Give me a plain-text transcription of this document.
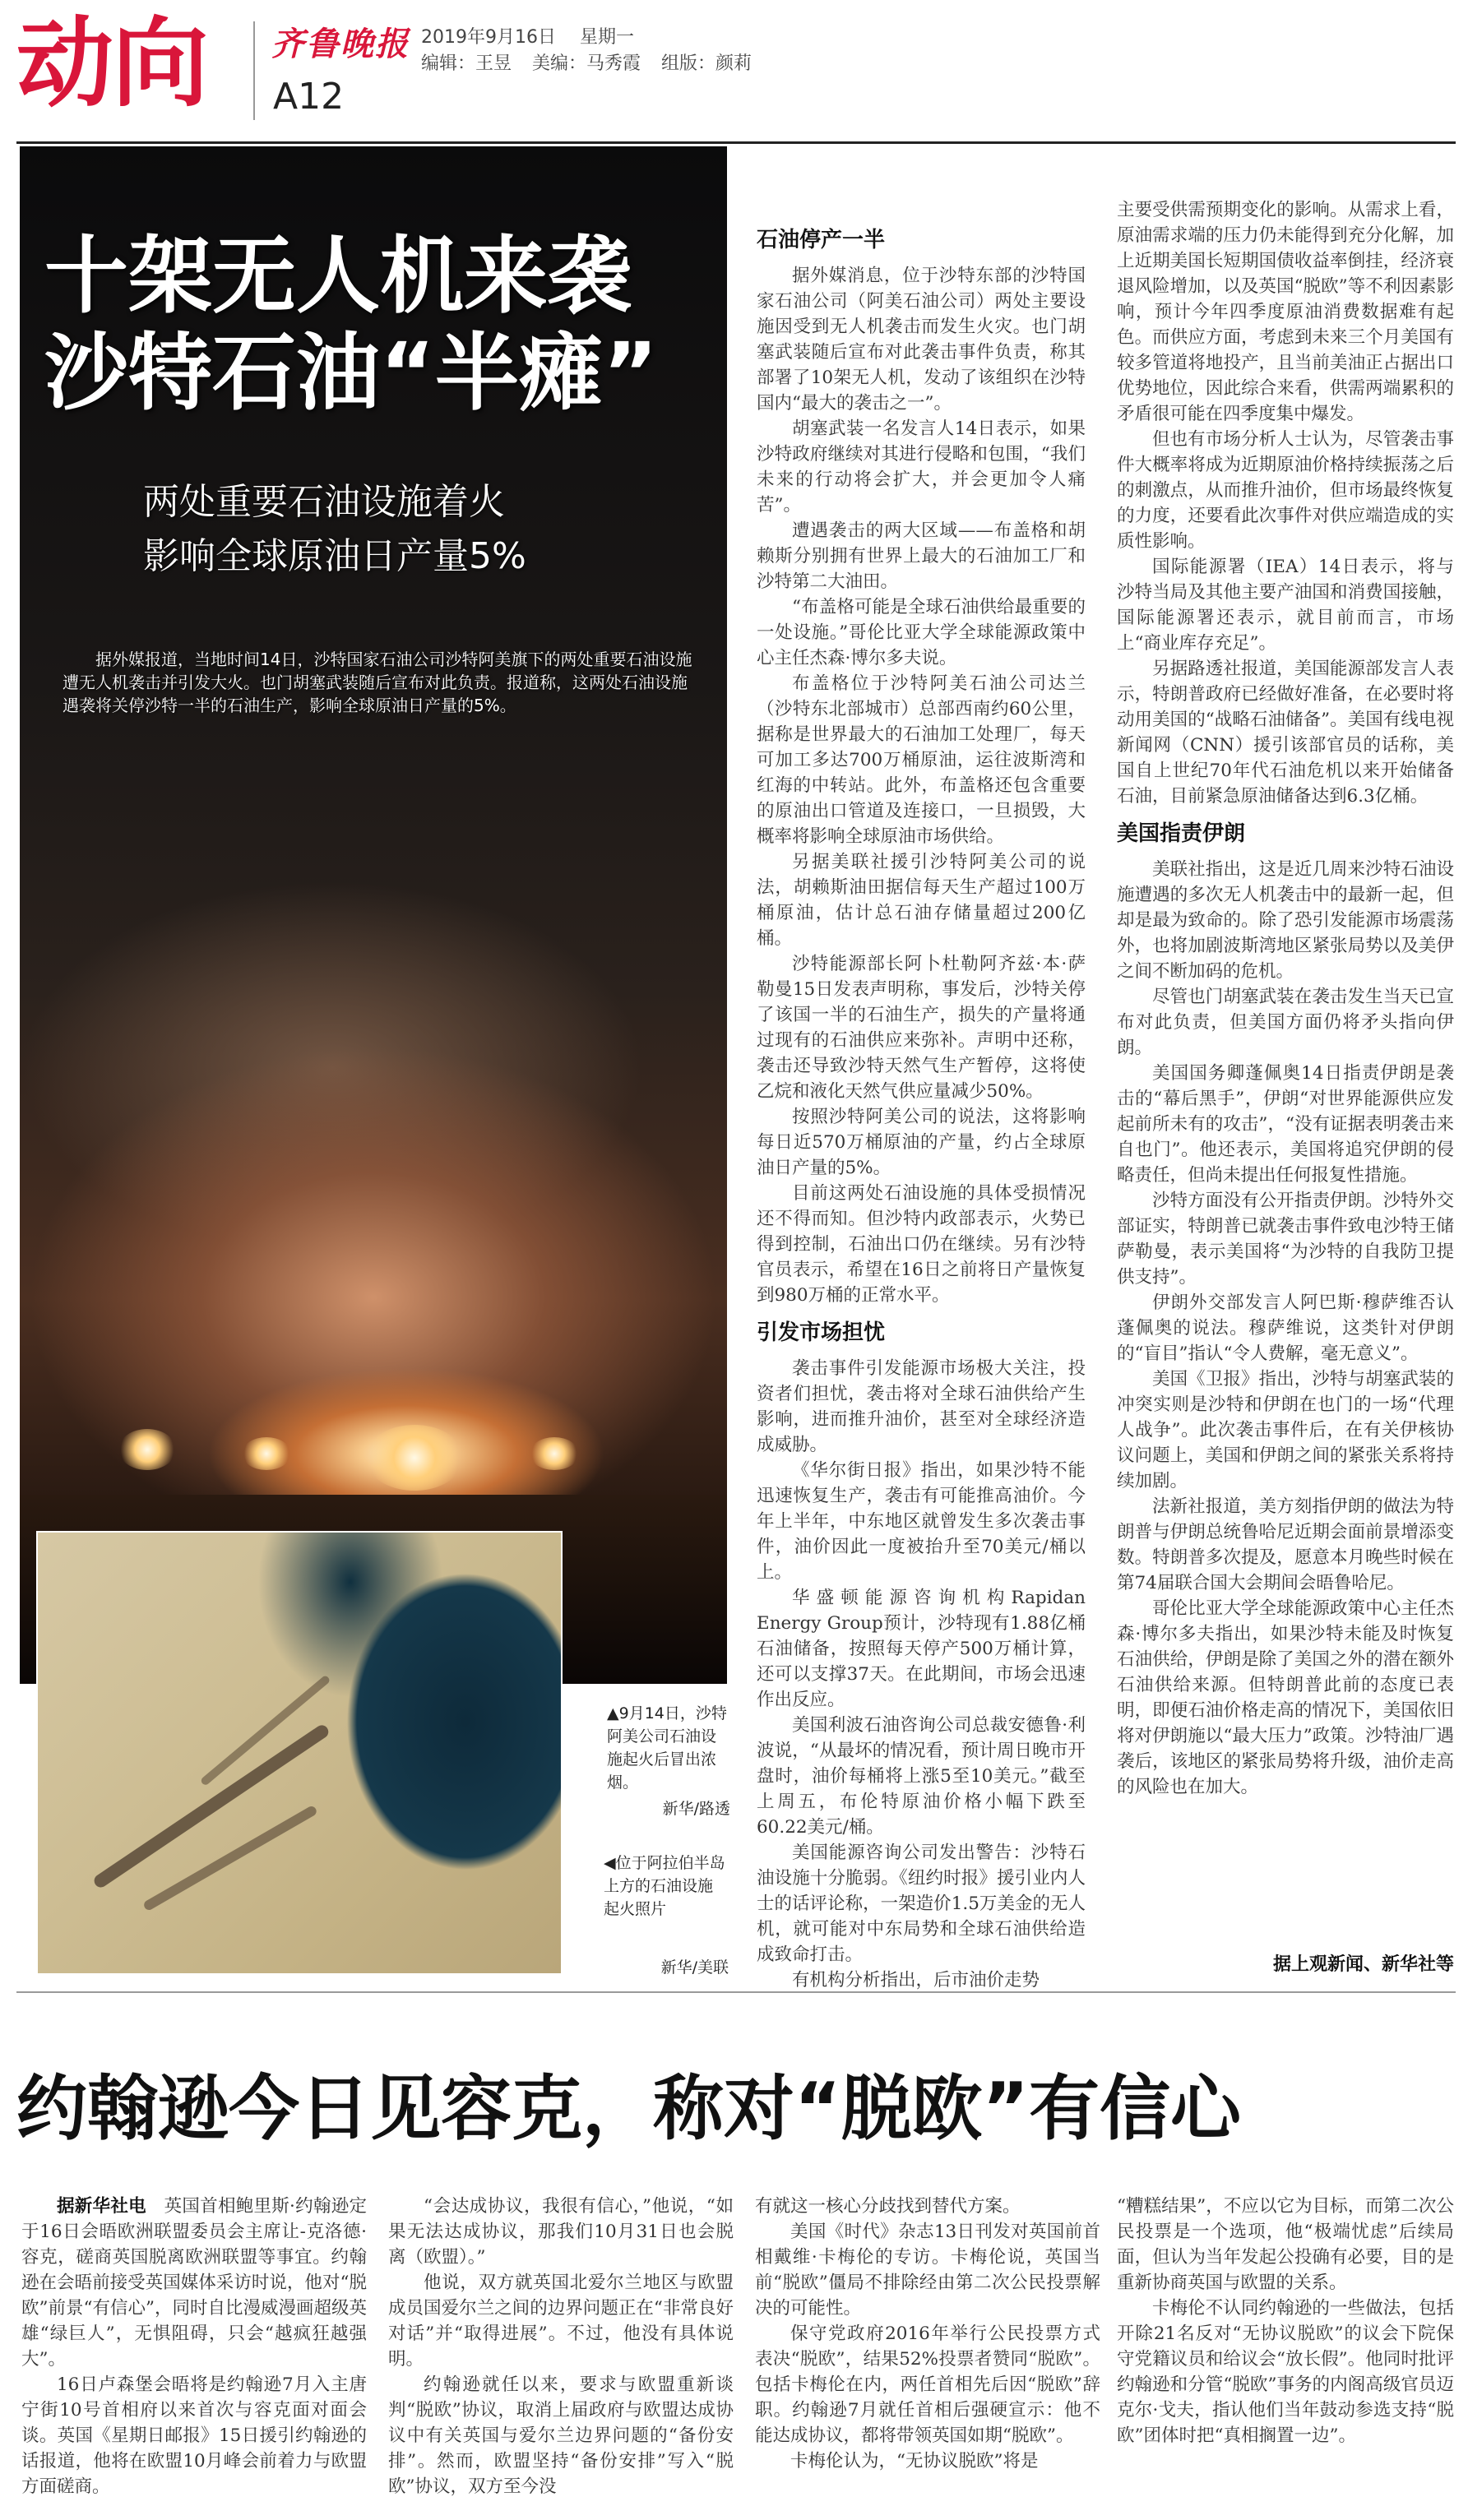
动向 齐鲁晚报
A12
2019年9月16日 星期一
编辑：王昱 美编：马秀霞 组版：颜莉
十架无人机来袭
沙特石油“半瘫”
两处重要石油设施着火
影响全球原油日产量5%

据外媒报道，当地时间14日，沙特国家石油公司沙特阿美旗下的两处重要石油设施遭无人机袭击并引发大火。也门胡塞武装随后宣布对此负责。报道称，这两处石油设施遇袭将关停沙特一半的石油生产，影响全球原油日产量的5%。

▲9月14日，沙特阿美公司石油设施起火后冒出浓烟。
新华/路透
◀位于阿拉伯半岛上方的石油设施起火照片
新华/美联
石油停产一半

据外媒消息，位于沙特东部的沙特国家石油公司（阿美石油公司）两处主要设施因受到无人机袭击而发生火灾。也门胡塞武装随后宣布对此袭击事件负责，称其部署了10架无人机，发动了该组织在沙特国内“最大的袭击之一”。

胡塞武装一名发言人14日表示，如果沙特政府继续对其进行侵略和包围，“我们未来的行动将会扩大，并会更加令人痛苦”。

遭遇袭击的两大区域——布盖格和胡赖斯分别拥有世界上最大的石油加工厂和沙特第二大油田。

“布盖格可能是全球石油供给最重要的一处设施。”哥伦比亚大学全球能源政策中心主任杰森·博尔多夫说。

布盖格位于沙特阿美石油公司达兰（沙特东北部城市）总部西南约60公里，据称是世界最大的石油加工处理厂，每天可加工多达700万桶原油，运往波斯湾和红海的中转站。此外，布盖格还包含重要的原油出口管道及连接口，一旦损毁，大概率将影响全球原油市场供给。

另据美联社援引沙特阿美公司的说法，胡赖斯油田据信每天生产超过100万桶原油，估计总石油存储量超过200亿桶。

沙特能源部长阿卜杜勒阿齐兹·本·萨勒曼15日发表声明称，事发后，沙特关停了该国一半的石油生产，损失的产量将通过现有的石油供应来弥补。声明中还称，袭击还导致沙特天然气生产暂停，这将使乙烷和液化天然气供应量减少50%。

按照沙特阿美公司的说法，这将影响每日近570万桶原油的产量，约占全球原油日产量的5%。

目前这两处石油设施的具体受损情况还不得而知。但沙特内政部表示，火势已得到控制，石油出口仍在继续。另有沙特官员表示，希望在16日之前将日产量恢复到980万桶的正常水平。

引发市场担忧

袭击事件引发能源市场极大关注，投资者们担忧，袭击将对全球石油供给产生影响，进而推升油价，甚至对全球经济造成威胁。

《华尔街日报》指出，如果沙特不能迅速恢复生产，袭击有可能推高油价。今年上半年，中东地区就曾发生多次袭击事件，油价因此一度被抬升至70美元/桶以上。

华盛顿能源咨询机构Rapidan Energy Group预计，沙特现有1.88亿桶石油储备，按照每天停产500万桶计算，还可以支撑37天。在此期间，市场会迅速作出反应。

美国利波石油咨询公司总裁安德鲁·利波说，“从最坏的情况看，预计周日晚市开盘时，油价每桶将上涨5至10美元。”截至上周五，布伦特原油价格小幅下跌至60.22美元/桶。

美国能源咨询公司发出警告：沙特石油设施十分脆弱。《纽约时报》援引业内人士的话评论称，一架造价1.5万美金的无人机，就可能对中东局势和全球石油供给造成致命打击。

有机构分析指出，后市油价走势

主要受供需预期变化的影响。从需求上看，原油需求端的压力仍未能得到充分化解，加上近期美国长短期国债收益率倒挂，经济衰退风险增加，以及英国“脱欧”等不利因素影响，预计今年四季度原油消费数据难有起色。而供应方面，考虑到未来三个月美国有较多管道将地投产，且当前美油正占据出口优势地位，因此综合来看，供需两端累积的矛盾很可能在四季度集中爆发。

但也有市场分析人士认为，尽管袭击事件大概率将成为近期原油价格持续振荡之后的刺激点，从而推升油价，但市场最终恢复的力度，还要看此次事件对供应端造成的实质性影响。

国际能源署（IEA）14日表示，将与沙特当局及其他主要产油国和消费国接触，国际能源署还表示，就目前而言，市场上“商业库存充足”。

另据路透社报道，美国能源部发言人表示，特朗普政府已经做好准备，在必要时将动用美国的“战略石油储备”。美国有线电视新闻网（CNN）援引该部官员的话称，美国自上世纪70年代石油危机以来开始储备石油，目前紧急原油储备达到6.3亿桶。

美国指责伊朗

美联社指出，这是近几周来沙特石油设施遭遇的多次无人机袭击中的最新一起，但却是最为致命的。除了恐引发能源市场震荡外，也将加剧波斯湾地区紧张局势以及美伊之间不断加码的危机。

尽管也门胡塞武装在袭击发生当天已宣布对此负责，但美国方面仍将矛头指向伊朗。

美国国务卿蓬佩奥14日指责伊朗是袭击的“幕后黑手”，伊朗“对世界能源供应发起前所未有的攻击”，“没有证据表明袭击来自也门”。他还表示，美国将追究伊朗的侵略责任，但尚未提出任何报复性措施。

沙特方面没有公开指责伊朗。沙特外交部证实，特朗普已就袭击事件致电沙特王储萨勒曼，表示美国将“为沙特的自我防卫提供支持”。

伊朗外交部发言人阿巴斯·穆萨维否认蓬佩奥的说法。穆萨维说，这类针对伊朗的“盲目”指认“令人费解，毫无意义”。

美国《卫报》指出，沙特与胡塞武装的冲突实则是沙特和伊朗在也门的一场“代理人战争”。此次袭击事件后，在有关伊核协议问题上，美国和伊朗之间的紧张关系将持续加剧。

法新社报道，美方刻指伊朗的做法为特朗普与伊朗总统鲁哈尼近期会面前景增添变数。特朗普多次提及，愿意本月晚些时候在第74届联合国大会期间会晤鲁哈尼。

哥伦比亚大学全球能源政策中心主任杰森·博尔多夫指出，如果沙特未能及时恢复石油供给，伊朗是除了美国之外的潜在额外石油供给来源。但特朗普此前的态度已表明，即便石油价格走高的情况下，美国依旧将对伊朗施以“最大压力”政策。沙特油厂遇袭后，该地区的紧张局势将升级，油价走高的风险也在加大。

据上观新闻、新华社等
约翰逊今日见容克，称对“脱欧”有信心

据新华社电　 英国首相鲍里斯·约翰逊定于16日会晤欧洲联盟委员会主席让-克洛德·容克，磋商英国脱离欧洲联盟等事宜。约翰逊在会晤前接受英国媒体采访时说，他对“脱欧”前景“有信心”，同时自比漫威漫画超级英雄“绿巨人”，无惧阻碍，只会“越疯狂越强大”。

16日卢森堡会晤将是约翰逊7月入主唐宁街10号首相府以来首次与容克面对面会谈。英国《星期日邮报》15日援引约翰逊的话报道，他将在欧盟10月峰会前着力与欧盟方面磋商。

“会达成协议，我很有信心，”他说，“如果无法达成协议，那我们10月31日也会脱离（欧盟）。”

他说，双方就英国北爱尔兰地区与欧盟成员国爱尔兰之间的边界问题正在“非常良好对话”并“取得进展”。不过，他没有具体说明。

约翰逊就任以来，要求与欧盟重新谈判“脱欧”协议，取消上届政府与欧盟达成协议中有关英国与爱尔兰边界问题的“备份安排”。然而，欧盟坚持“备份安排”写入“脱欧”协议，双方至今没

有就这一核心分歧找到替代方案。

美国《时代》杂志13日刊发对英国前首相戴维·卡梅伦的专访。卡梅伦说，英国当前“脱欧”僵局不排除经由第二次公民投票解决的可能性。

保守党政府2016年举行公民投票方式表决“脱欧”，结果52%投票者赞同“脱欧”。包括卡梅伦在内，两任首相先后因“脱欧”辞职。约翰逊7月就任首相后强硬宣示：他不能达成协议，都将带领英国如期“脱欧”。

卡梅伦认为，“无协议脱欧”将是

“糟糕结果”，不应以它为目标，而第二次公民投票是一个选项，他“极端忧虑”后续局面，但认为当年发起公投确有必要，目的是重新协商英国与欧盟的关系。

卡梅伦不认同约翰逊的一些做法，包括开除21名反对“无协议脱欧”的议会下院保守党籍议员和给议会“放长假”。他同时批评约翰逊和分管“脱欧”事务的内阁高级官员迈克尔·戈夫，指认他们当年鼓动参选支持“脱欧”团体时把“真相搁置一边”。
